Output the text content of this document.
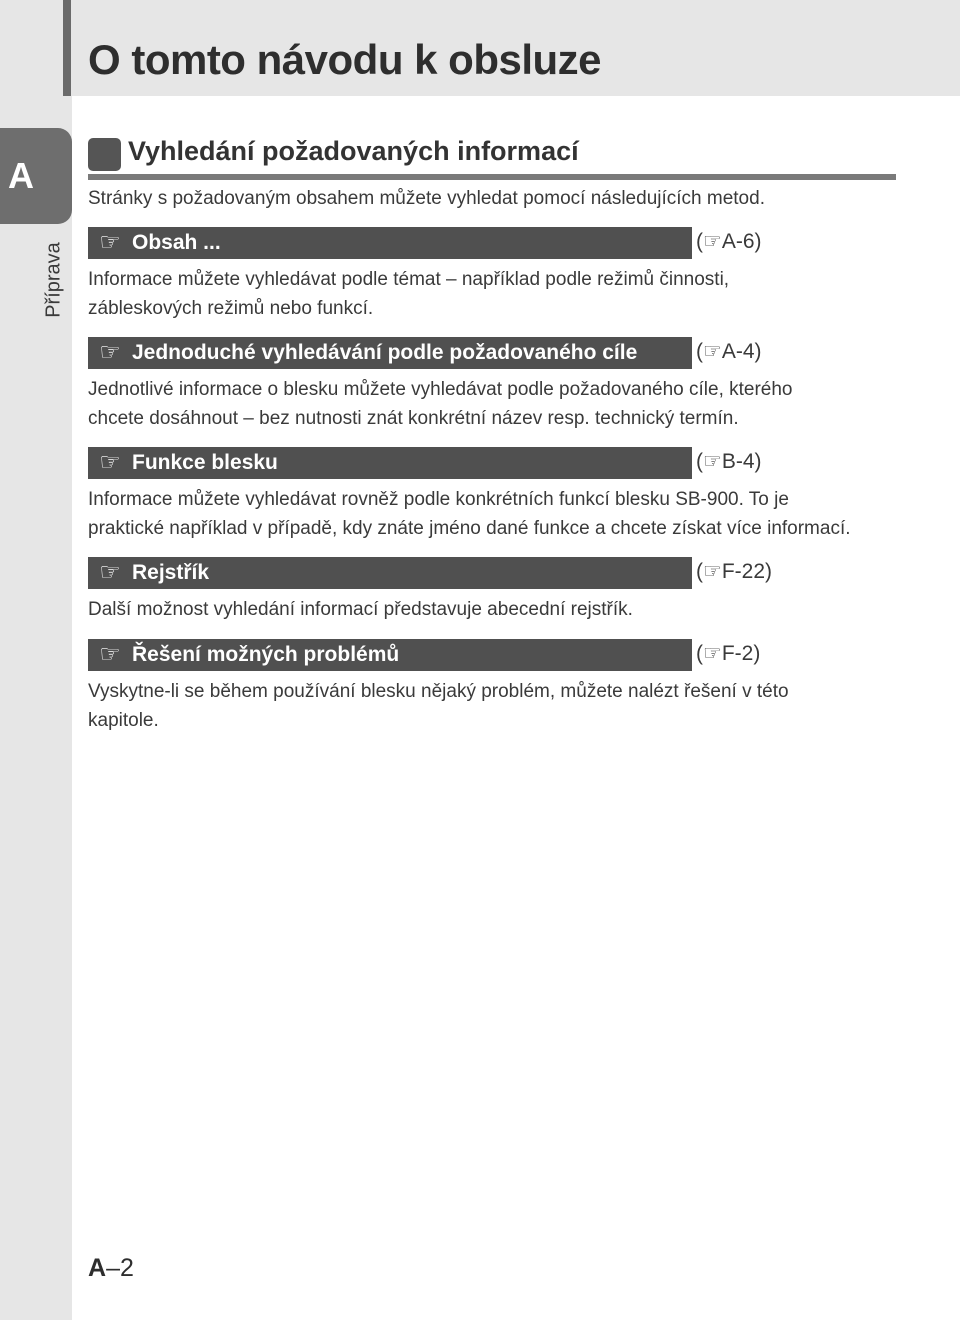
O tomto návodu k obsluze
A
Příprava
Vyhledání požadovaných informací

Stránky s požadovaným obsahem můžete vyhledat pomocí následujících metod.

☞ Obsah ...	(☞A-6)

Informace můžete vyhledávat podle témat – například podle režimů činnosti,
zábleskových režimů nebo funkcí.

☞ Jednoduché vyhledávání podle požadovaného cíle	(☞A-4)

Jednotlivé informace o blesku můžete vyhledávat podle požadovaného cíle, kterého
chcete dosáhnout – bez nutnosti znát konkrétní název resp. technický termín.

☞ Funkce blesku	(☞B-4)

Informace můžete vyhledávat rovněž podle konkrétních funkcí blesku SB-900. To je
praktické například v případě, kdy znáte jméno dané funkce a chcete získat více informací.

☞ Rejstřík	(☞F-22)

Další možnost vyhledání informací představuje abecední rejstřík.

☞ Řešení možných problémů	(☞F-2)

Vyskytne-li se během používání blesku nějaký problém, můžete nalézt řešení v této
kapitole.

A–2
